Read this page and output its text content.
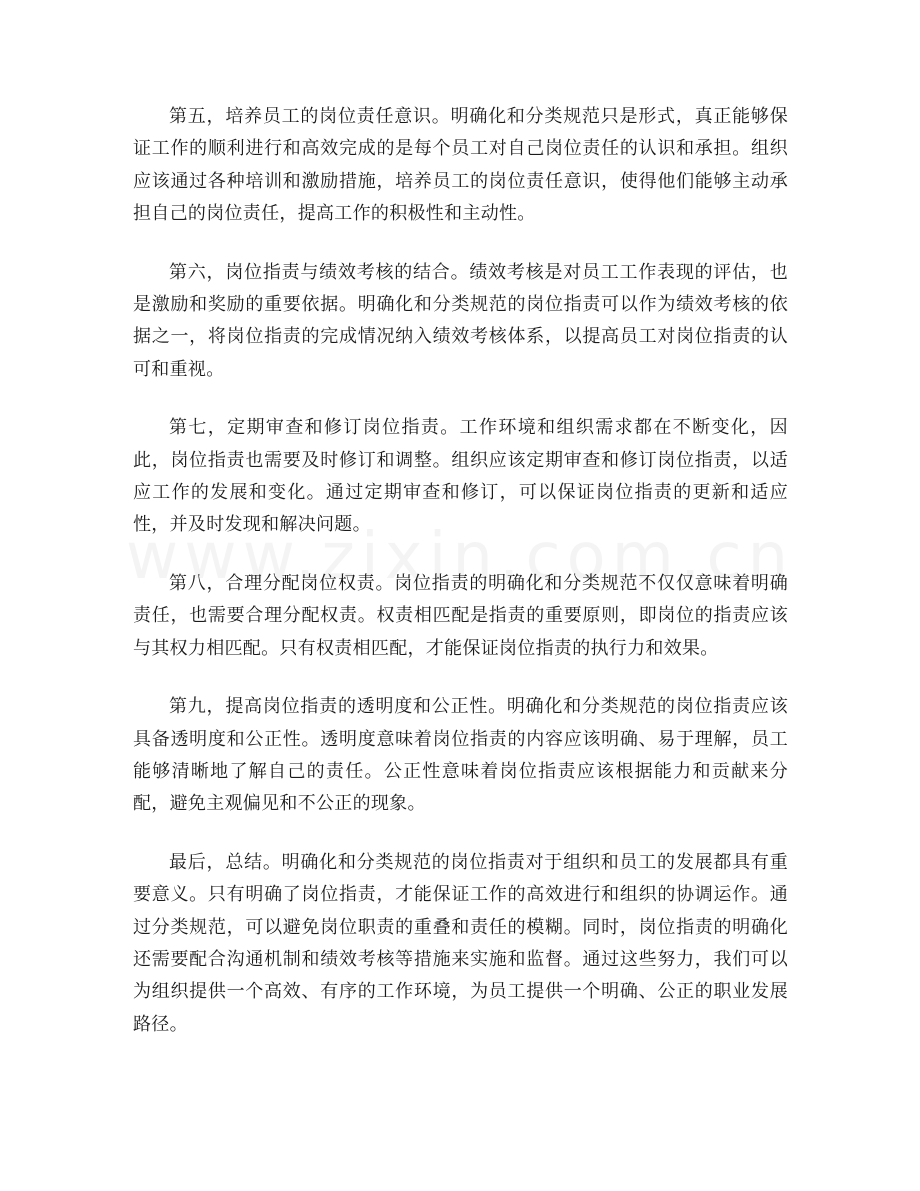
第五，培养员工的岗位责任意识。明确化和分类规范只是形式，真正能够保证工作的顺利进行和高效完成的是每个员工对自己岗位责任的认识和承担。组织应该通过各种培训和激励措施，培养员工的岗位责任意识，使得他们能够主动承担自己的岗位责任，提高工作的积极性和主动性。

第六，岗位指责与绩效考核的结合。绩效考核是对员工工作表现的评估，也是激励和奖励的重要依据。明确化和分类规范的岗位指责可以作为绩效考核的依据之一，将岗位指责的完成情况纳入绩效考核体系，以提高员工对岗位指责的认可和重视。

第七，定期审查和修订岗位指责。工作环境和组织需求都在不断变化，因此，岗位指责也需要及时修订和调整。组织应该定期审查和修订岗位指责，以适应工作的发展和变化。通过定期审查和修订，可以保证岗位指责的更新和适应性，并及时发现和解决问题。

第八，合理分配岗位权责。岗位指责的明确化和分类规范不仅仅意味着明确责任，也需要合理分配权责。权责相匹配是指责的重要原则，即岗位的指责应该与其权力相匹配。只有权责相匹配，才能保证岗位指责的执行力和效果。

第九，提高岗位指责的透明度和公正性。明确化和分类规范的岗位指责应该具备透明度和公正性。透明度意味着岗位指责的内容应该明确、易于理解，员工能够清晰地了解自己的责任。公正性意味着岗位指责应该根据能力和贡献来分配，避免主观偏见和不公正的现象。

最后，总结。明确化和分类规范的岗位指责对于组织和员工的发展都具有重要意义。只有明确了岗位指责，才能保证工作的高效进行和组织的协调运作。通过分类规范，可以避免岗位职责的重叠和责任的模糊。同时，岗位指责的明确化还需要配合沟通机制和绩效考核等措施来实施和监督。通过这些努力，我们可以为组织提供一个高效、有序的工作环境，为员工提供一个明确、公正的职业发展路径。
